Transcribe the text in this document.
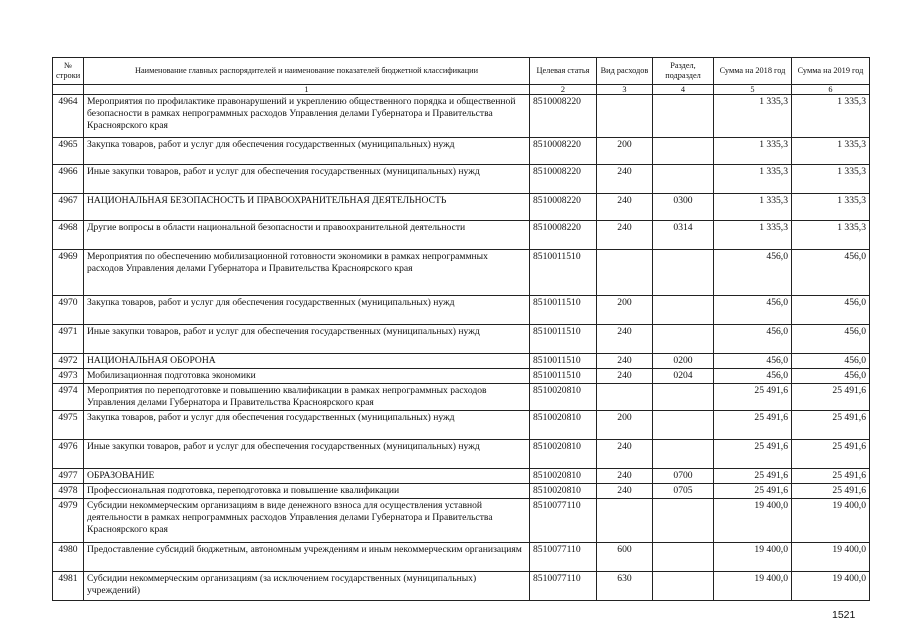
№ строки	Наименование главных распорядителей и наименование показателей бюджетной классификации	Целевая статья	Вид расходов	Раздел, подраздел	Сумма на 2018 год	Сумма на 2019 год
	1	2	3	4	5	6
4964	Мероприятия по профилактике правонарушений и укреплению общественного порядка и общественной безопасности в рамках непрограммных расходов Управления делами Губернатора и Правительства Красноярского края	8510008220			1 335,3	1 335,3
4965	Закупка товаров, работ и услуг для обеспечения государственных (муниципальных) нужд	8510008220	200		1 335,3	1 335,3
4966	Иные закупки товаров, работ и услуг для обеспечения государственных (муниципальных) нужд	8510008220	240		1 335,3	1 335,3
4967	НАЦИОНАЛЬНАЯ БЕЗОПАСНОСТЬ И ПРАВООХРАНИТЕЛЬНАЯ ДЕЯТЕЛЬНОСТЬ	8510008220	240	0300	1 335,3	1 335,3
4968	Другие вопросы в области национальной безопасности и правоохранительной деятельности	8510008220	240	0314	1 335,3	1 335,3
4969	Мероприятия по обеспечению мобилизационной готовности экономики в рамках непрограммных расходов Управления делами Губернатора и Правительства Красноярского края	8510011510			456,0	456,0
4970	Закупка товаров, работ и услуг для обеспечения государственных (муниципальных) нужд	8510011510	200		456,0	456,0
4971	Иные закупки товаров, работ и услуг для обеспечения государственных (муниципальных) нужд	8510011510	240		456,0	456,0
4972	НАЦИОНАЛЬНАЯ ОБОРОНА	8510011510	240	0200	456,0	456,0
4973	Мобилизационная подготовка экономики	8510011510	240	0204	456,0	456,0
4974	Мероприятия по переподготовке и повышению квалификации в рамках непрограммных расходов Управления делами Губернатора и Правительства Красноярского края	8510020810			25 491,6	25 491,6
4975	Закупка товаров, работ и услуг для обеспечения государственных (муниципальных) нужд	8510020810	200		25 491,6	25 491,6
4976	Иные закупки товаров, работ и услуг для обеспечения государственных (муниципальных) нужд	8510020810	240		25 491,6	25 491,6
4977	ОБРАЗОВАНИЕ	8510020810	240	0700	25 491,6	25 491,6
4978	Профессиональная подготовка, переподготовка и повышение квалификации	8510020810	240	0705	25 491,6	25 491,6
4979	Субсидии некоммерческим организациям в виде денежного взноса для осуществления уставной деятельности в рамках непрограммных расходов Управления делами Губернатора и Правительства Красноярского края	8510077110			19 400,0	19 400,0
4980	Предоставление субсидий бюджетным, автономным учреждениям и иным некоммерческим организациям	8510077110	600		19 400,0	19 400,0
4981	Субсидии некоммерческим организациям (за исключением государственных (муниципальных) учреждений)	8510077110	630		19 400,0	19 400,0
1521
